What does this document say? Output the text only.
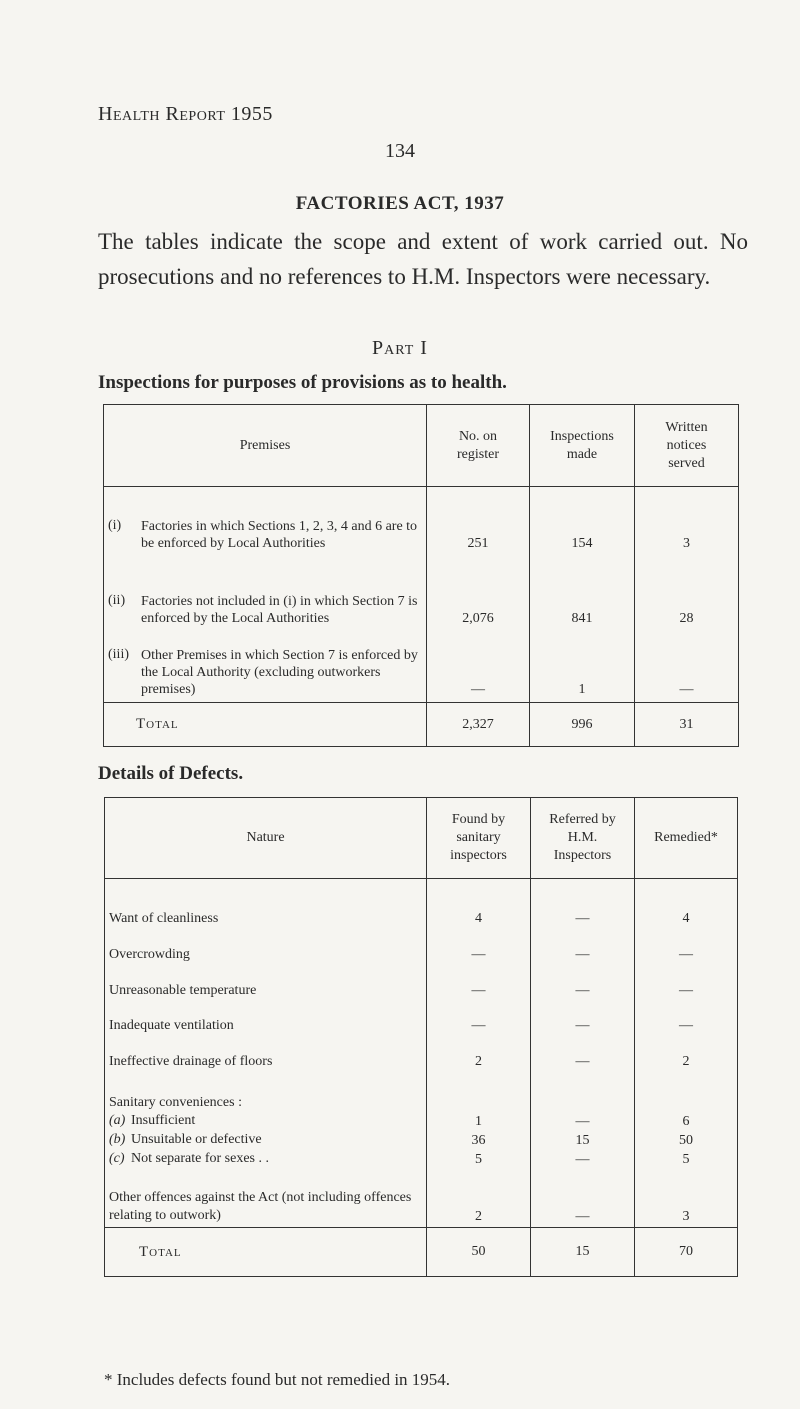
Health Report 1955
134
FACTORIES ACT, 1937
The tables indicate the scope and extent of work carried out. No prosecutions and no references to H.M. Inspectors were necessary.
Part I
Inspections for purposes of provisions as to health.
Premises	No. on register	Inspections made	Written notices served

(i) Factories in which Sections 1, 2, 3, 4 and 6 are to be enforced by Local Authorities	251	154	3

(ii) Factories not included in (i) in which Section 7 is enforced by the Local Authorities	2,076	841	28

(iii) Other Premises in which Section 7 is enforced by the Local Authority (excluding outworkers premises)	—	1	—
Total	2,327	996	31
Details of Defects.
Nature	Found by sanitary inspectors	Referred by H.M. Inspectors	Remedied*
Want of cleanliness	4	—	4
Overcrowding	—	—	—
Unreasonable temperature	—	—	—
Inadequate ventilation	—	—	—
Ineffective drainage of floors	2	—	2
Sanitary conveniences :			

(a) Insufficient	1	—	6

(b) Unsuitable or defective	36	15	50

(c) Not separate for sexes . .	5	—	5
Other offences against the Act (not including offences relating to outwork)	2	—	3
Total	50	15	70
* Includes defects found but not remedied in 1954.
